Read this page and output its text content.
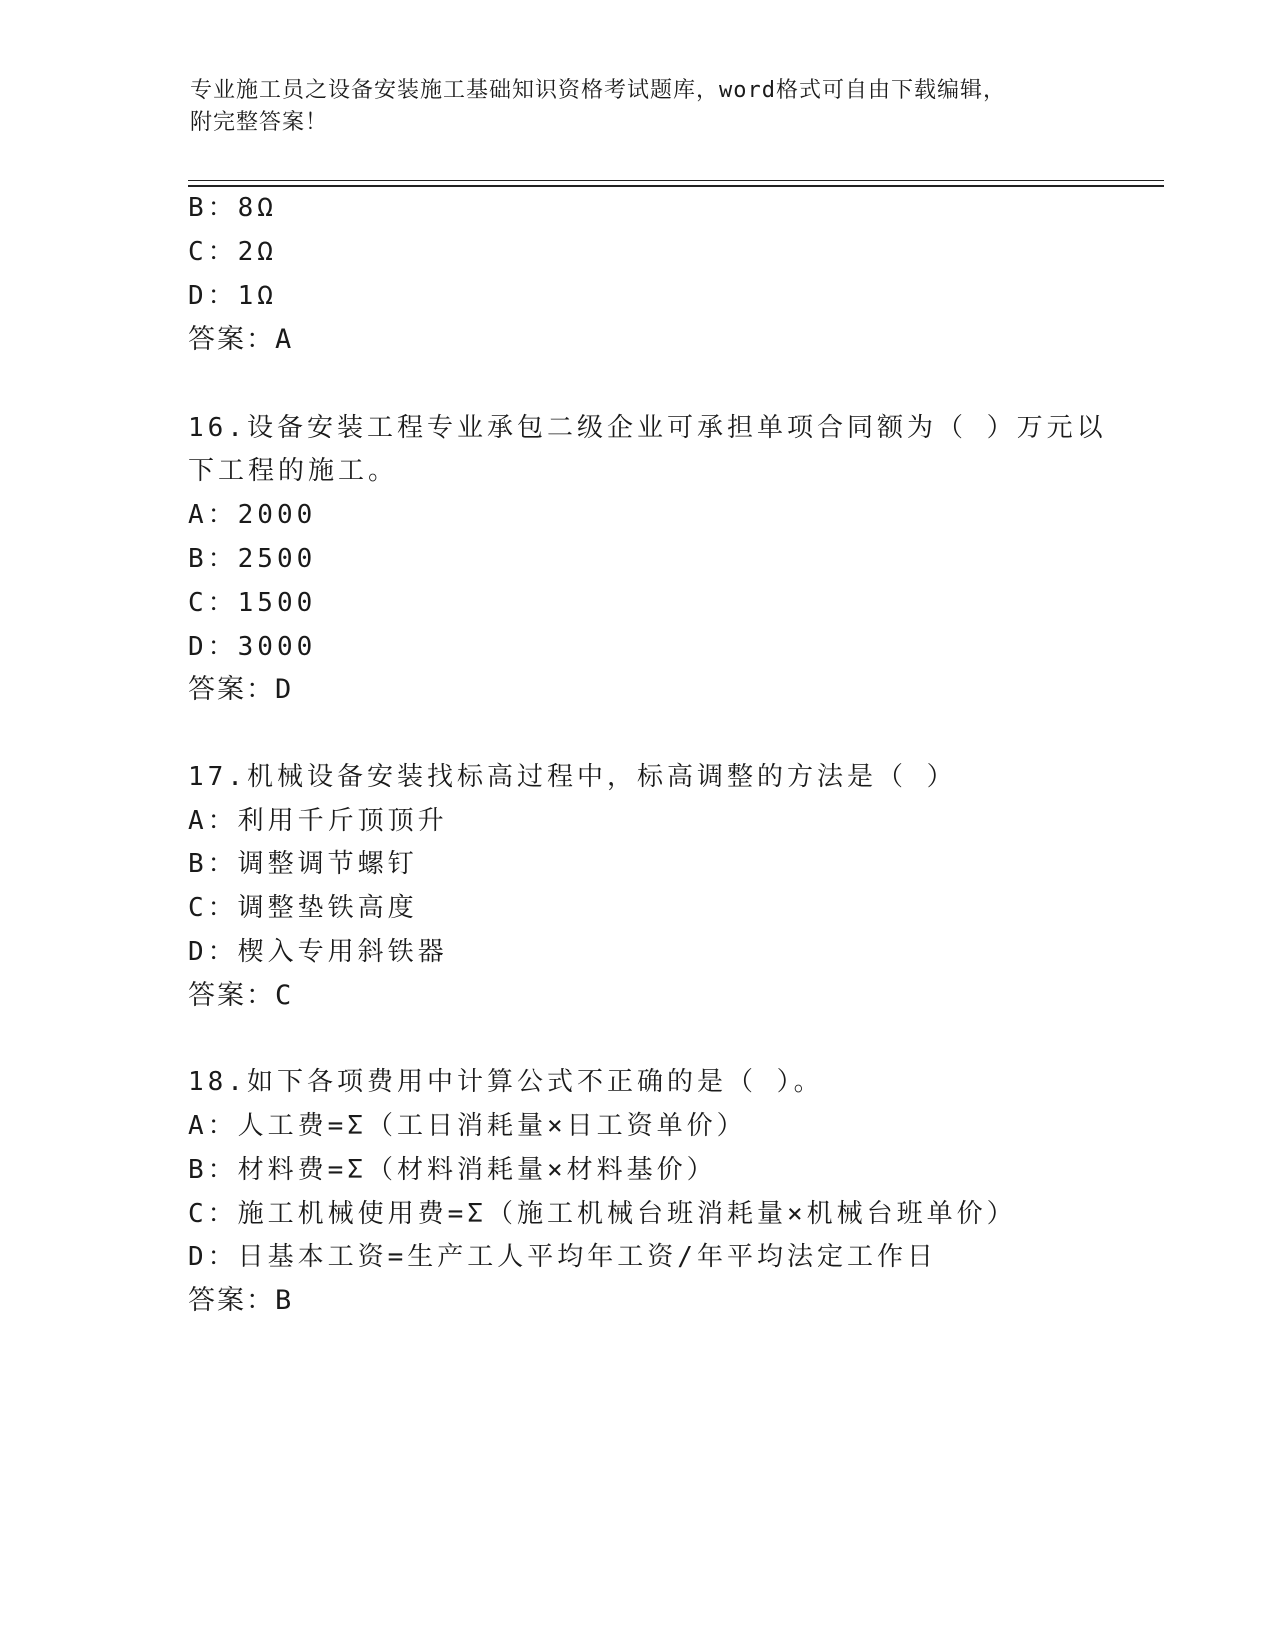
专业施工员之设备安装施工基础知识资格考试题库，word格式可自由下载编辑，
附完整答案！
B：8Ω
C：2Ω
D：1Ω
答案：A
16.设备安装工程专业承包二级企业可承担单项合同额为（ ）万元以
下工程的施工。
A：2000
B：2500
C：1500
D：3000
答案：D
17.机械设备安装找标高过程中，标高调整的方法是（ ）
A：利用千斤顶顶升
B：调整调节螺钉
C：调整垫铁高度
D：楔入专用斜铁器
答案：C
18.如下各项费用中计算公式不正确的是（ ）。
A：人工费=Σ（工日消耗量×日工资单价）
B：材料费=Σ（材料消耗量×材料基价）
C：施工机械使用费=Σ（施工机械台班消耗量×机械台班单价）
D：日基本工资=生产工人平均年工资/年平均法定工作日
答案：B
